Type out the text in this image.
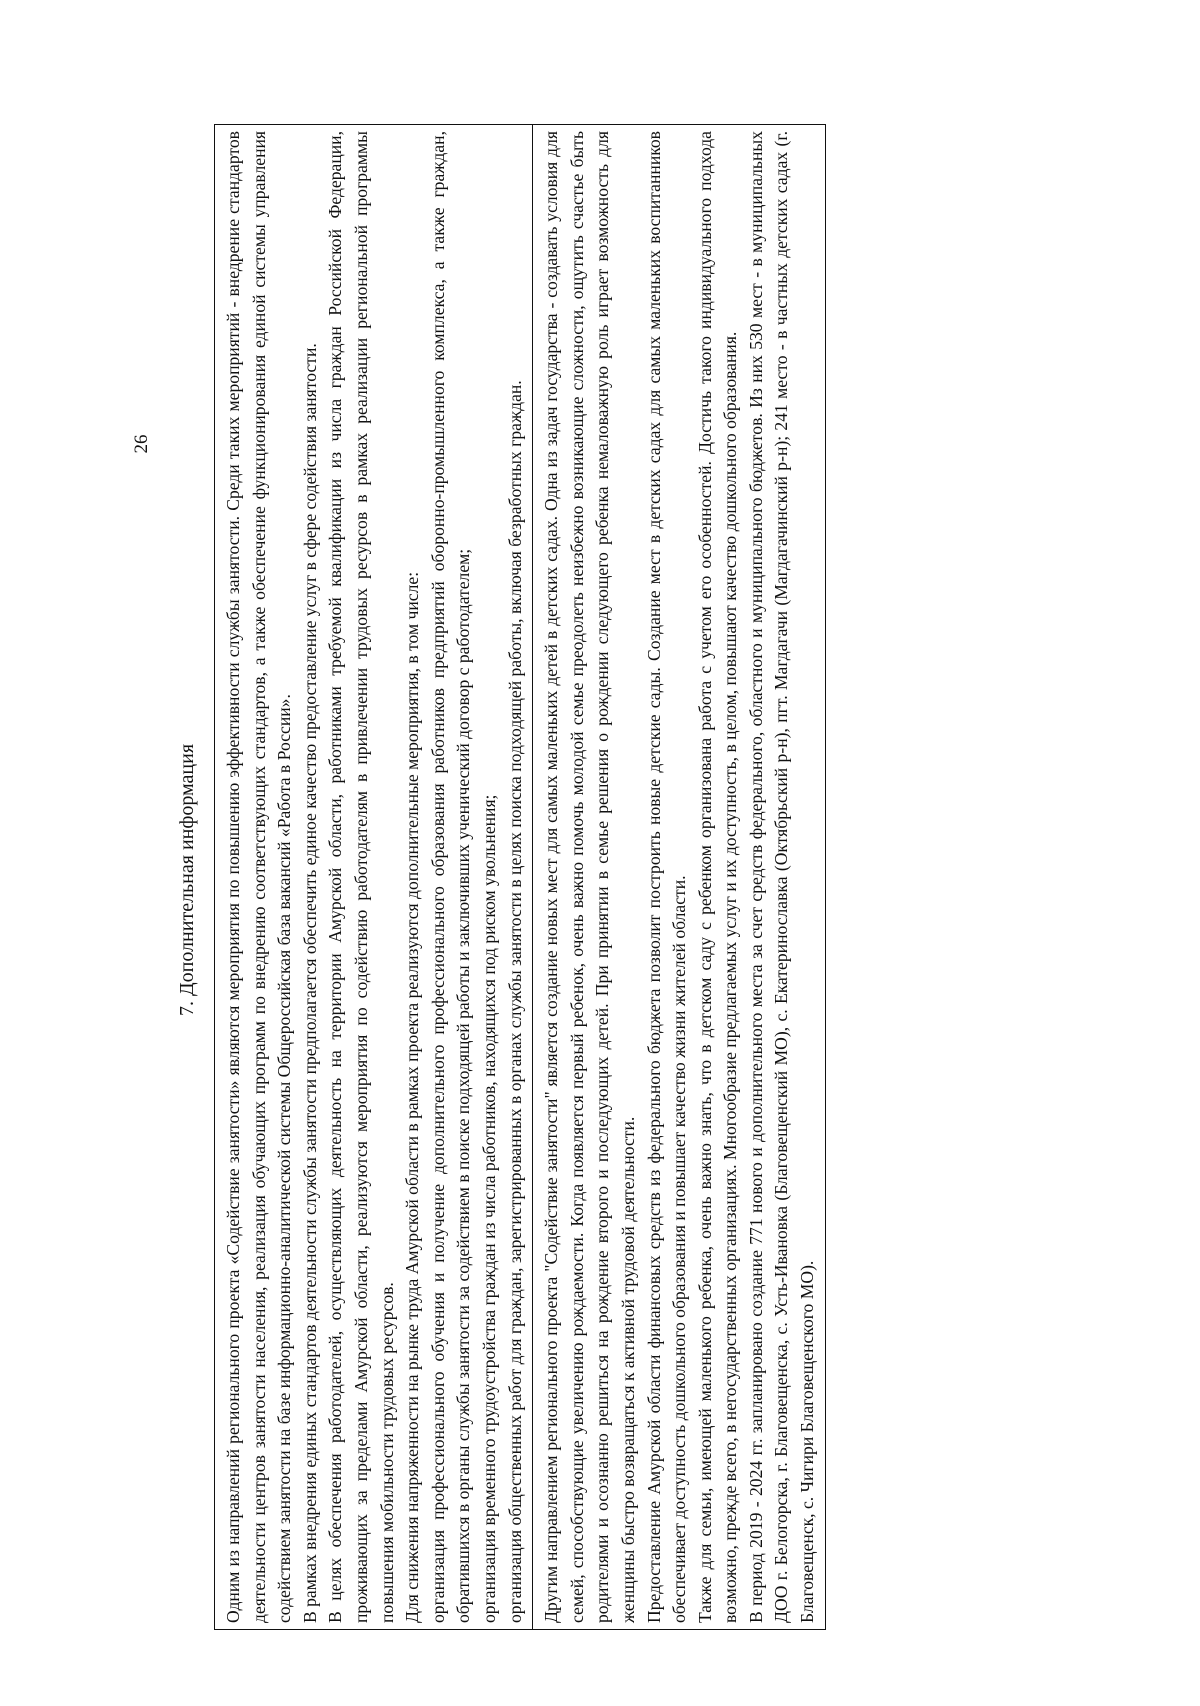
26
7. Дополнительная информация Одним из направлений регионального проекта «Содействие занятости» являются мероприятия по повышению эффективности службы занятости. Среди таких мероприятий - внедрение стандартов деятельности центров занятости населения, реализация обучающих программ по внедрению соответствующих стандартов, а также обеспечение функционирования единой системы управления содействием занятости на базе информационно-аналитической системы Общероссийская база вакансий «Работа в России». В рамках внедрения единых стандартов деятельности службы занятости предполагается обеспечить единое качество предоставление услуг в сфере содействия занятости. В целях обеспечения работодателей, осуществляющих деятельность на территории Амурской области, работниками требуемой квалификации из числа граждан Российской Федерации, проживающих за пределами Амурской области, реализуются мероприятия по содействию работодателям в привлечении трудовых ресурсов в рамках реализации региональной программы повышения мобильности трудовых ресурсов. Для снижения напряженности на рынке труда Амурской области в рамках проекта реализуются дополнительные мероприятия, в том числе: организация профессионального обучения и получение дополнительного профессионального образования работников предприятий оборонно-промышленного комплекса, а также граждан, обратившихся в органы службы занятости за содействием в поиске подходящей работы и заключивших ученический договор с работодателем; организация временного трудоустройства граждан из числа работников, находящихся под риском увольнения; организация общественных работ для граждан, зарегистрированных в органах службы занятости в целях поиска подходящей работы, включая безработных граждан.

Другим направлением регионального проекта "Содействие занятости" является создание новых мест для самых маленьких детей в детских садах. Одна из задач государства - создавать условия для семей, способствующие увеличению рождаемости. Когда появляется первый ребенок, очень важно помочь молодой семье преодолеть неизбежно возникающие сложности, ощутить счастье быть родителями и осознанно решиться на рождение второго и последующих детей. При принятии в семье решения о рождении следующего ребенка немаловажную роль играет возможность для женщины быстро возвращаться к активной трудовой деятельности. Предоставление Амурской области финансовых средств из федерального бюджета позволит построить новые детские сады. Создание мест в детских садах для самых маленьких воспитанников обеспечивает доступность дошкольного образования и повышает качество жизни жителей области. Также для семьи, имеющей маленького ребенка, очень важно знать, что в детском саду с ребенком организована работа с учетом его особенностей. Достичь такого индивидуального подхода возможно, прежде всего, в негосударственных организациях. Многообразие предлагаемых услуг и их доступность, в целом, повышают качество дошкольного образования. В период 2019 - 2024 гг. запланировано создание 771 нового и дополнительного места за счет средств федерального, областного и муниципального бюджетов. Из них 530 мест - в муниципальных ДОО г. Белогорска, г. Благовещенска, с. Усть-Ивановка (Благовещенский МО), с. Екатеринославка (Октябрьский р-н), пгт. Магдагачи (Магдагачинский р-н); 241 место - в частных детских садах (г. Благовещенск, с. Чигири Благовещенского МО).
